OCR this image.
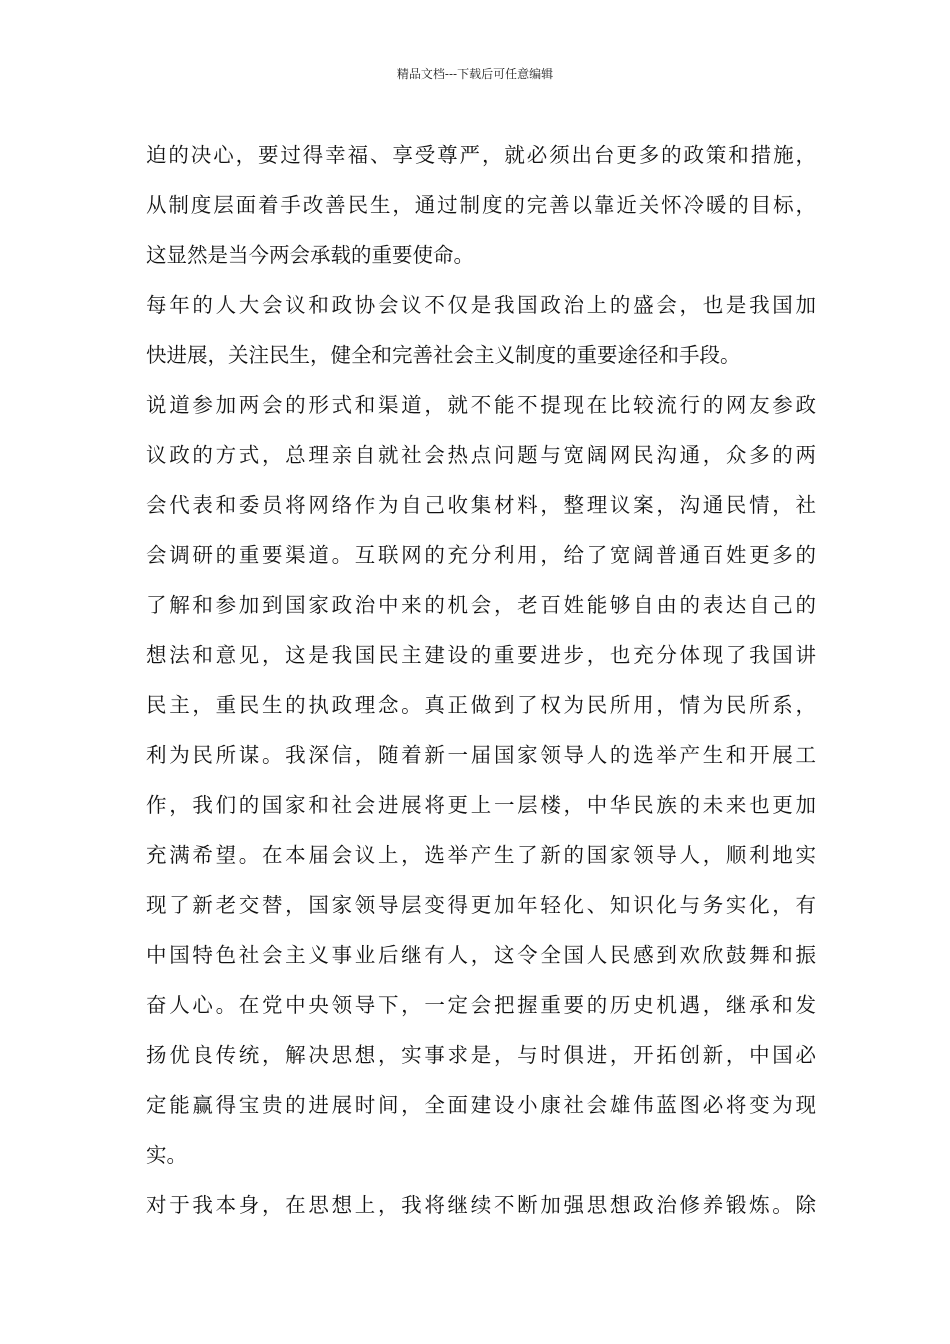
精品文档---下载后可任意编辑
迫的决心，要过得幸福、享受尊严，就必须出台更多的政策和措施，
从制度层面着手改善民生，通过制度的完善以靠近关怀冷暖的目标，
这显然是当今两会承载的重要使命。
每年的人大会议和政协会议不仅是我国政治上的盛会，也是我国加
快进展，关注民生，健全和完善社会主义制度的重要途径和手段。
说道参加两会的形式和渠道，就不能不提现在比较流行的网友参政
议政的方式，总理亲自就社会热点问题与宽阔网民沟通，众多的两
会代表和委员将网络作为自己收集材料，整理议案，沟通民情，社
会调研的重要渠道。互联网的充分利用，给了宽阔普通百姓更多的
了解和参加到国家政治中来的机会，老百姓能够自由的表达自己的
想法和意见，这是我国民主建设的重要进步，也充分体现了我国讲
民主，重民生的执政理念。真正做到了权为民所用，情为民所系，
利为民所谋。我深信，随着新一届国家领导人的选举产生和开展工
作，我们的国家和社会进展将更上一层楼，中华民族的未来也更加
充满希望。在本届会议上，选举产生了新的国家领导人，顺利地实
现了新老交替，国家领导层变得更加年轻化、知识化与务实化，有
中国特色社会主义事业后继有人，这令全国人民感到欢欣鼓舞和振
奋人心。在党中央领导下，一定会把握重要的历史机遇，继承和发
扬优良传统，解决思想，实事求是，与时俱进，开拓创新，中国必
定能赢得宝贵的进展时间，全面建设小康社会雄伟蓝图必将变为现
实。
对于我本身，在思想上，我将继续不断加强思想政治修养锻炼。除
